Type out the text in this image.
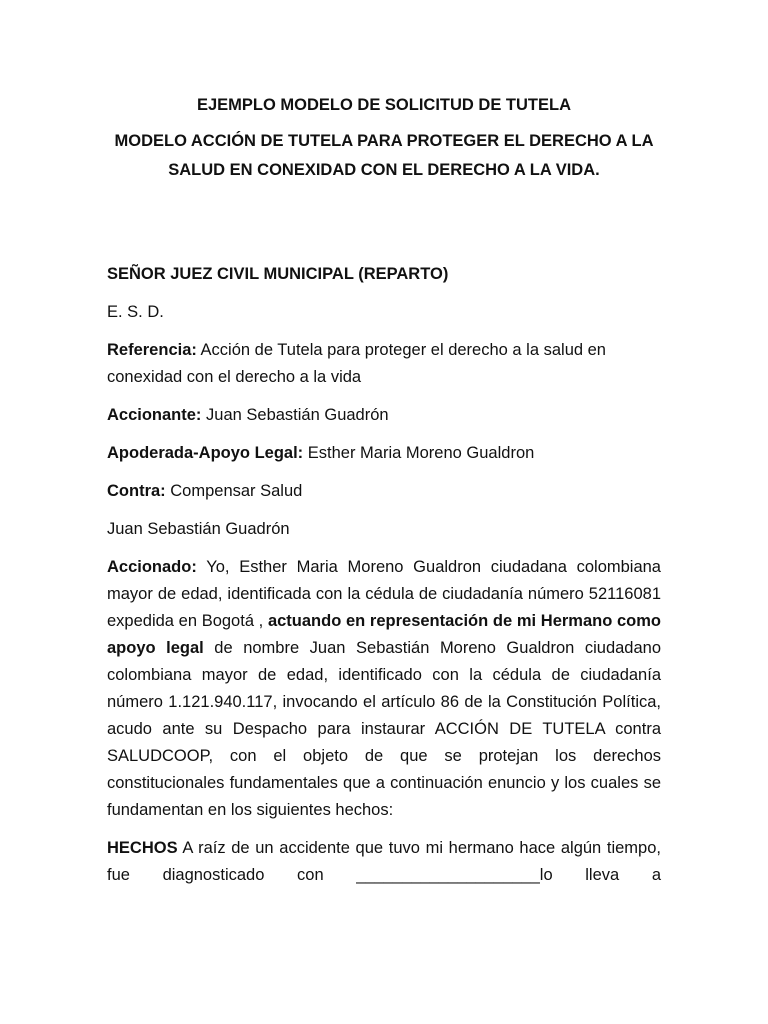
EJEMPLO MODELO DE SOLICITUD DE TUTELA

MODELO ACCIÓN DE TUTELA PARA PROTEGER EL DERECHO A LA SALUD EN CONEXIDAD CON EL DERECHO A LA VIDA.

SEÑOR JUEZ CIVIL MUNICIPAL (REPARTO)

E. S. D.

Referencia: Acción de Tutela para proteger el derecho a la salud en conexidad con el derecho a la vida

Accionante: Juan Sebastián Guadrón

Apoderada-Apoyo Legal: Esther Maria Moreno Gualdron

Contra: Compensar Salud

Juan Sebastián Guadrón

Accionado: Yo, Esther Maria Moreno Gualdron ciudadana colombiana mayor de edad, identificada con la cédula de ciudadanía número 52116081 expedida en Bogotá , actuando en representación de mi Hermano como apoyo legal de nombre Juan Sebastián Moreno Gualdron ciudadano colombiana mayor de edad, identificado con la cédula de ciudadanía número 1.121.940.117, invocando el artículo 86 de la Constitución Política, acudo ante su Despacho para instaurar ACCIÓN DE TUTELA contra SALUDCOOP, con el objeto de que se protejan los derechos constitucionales fundamentales que a continuación enuncio y los cuales se fundamentan en los siguientes hechos:

HECHOS A raíz de un accidente que tuvo mi hermano hace algún tiempo, fue diagnosticado con ____________________lo lleva a
